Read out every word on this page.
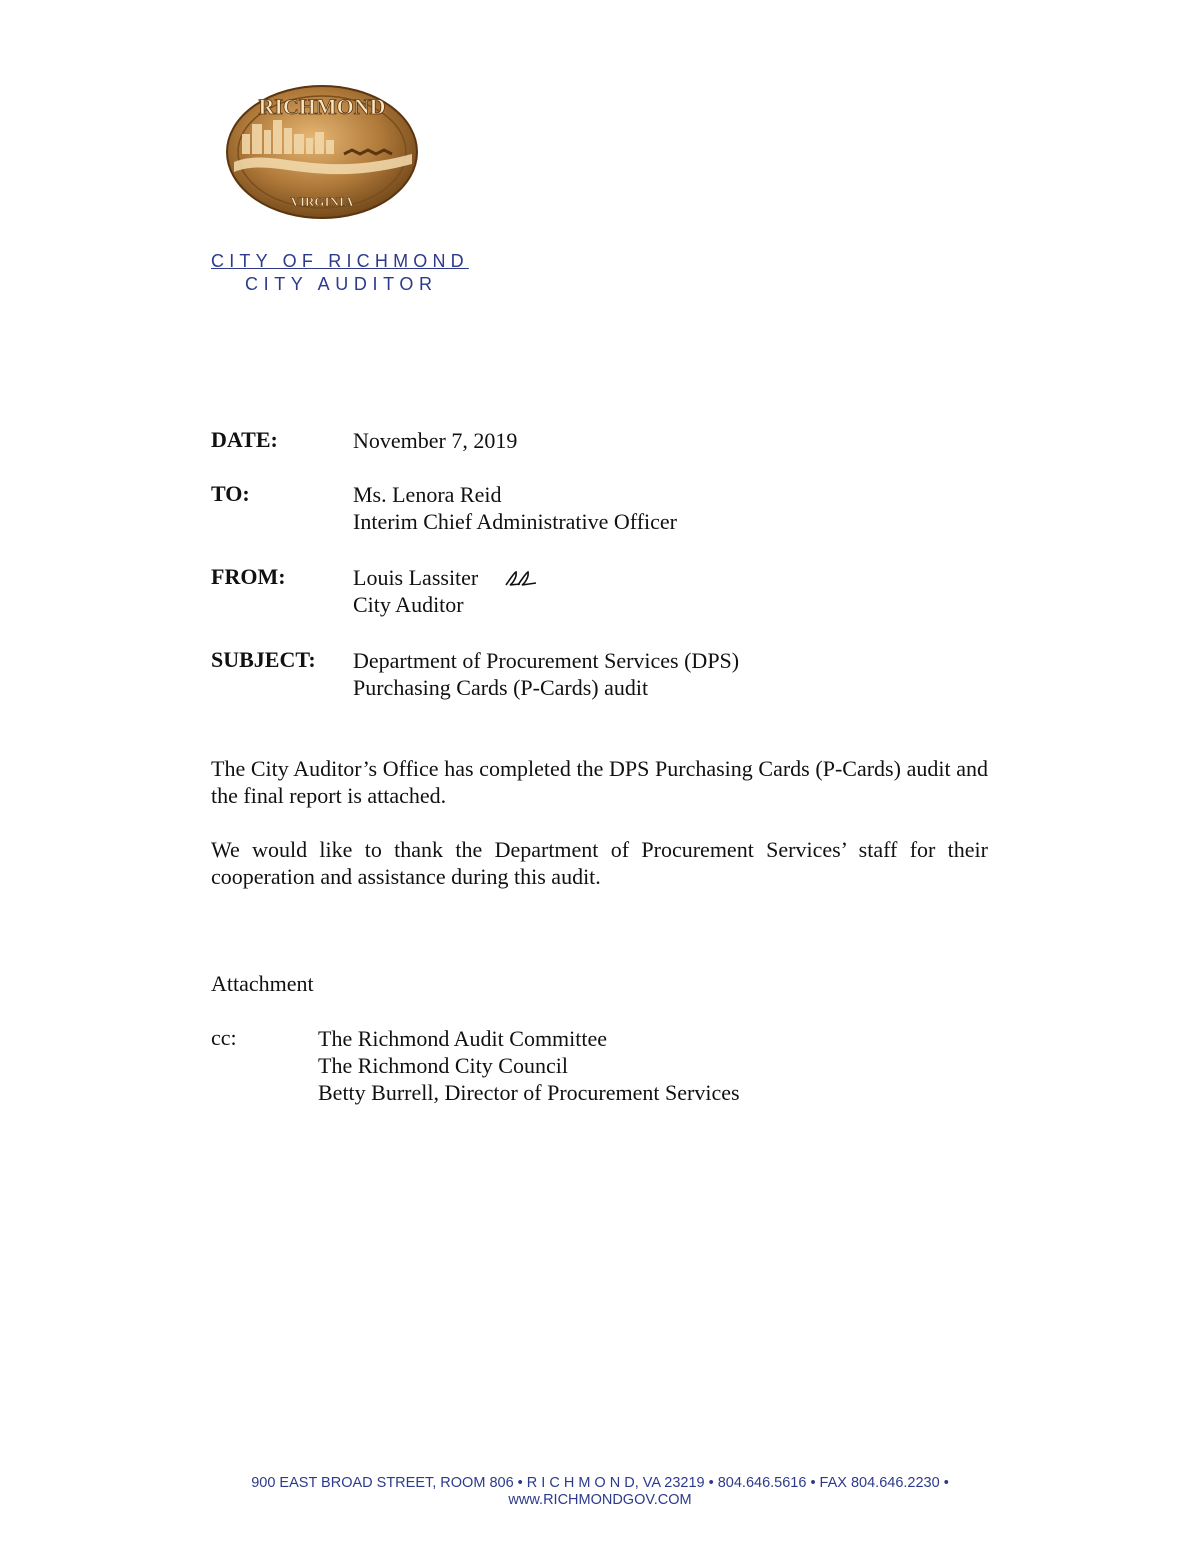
RICHMOND
VIRGINIA
CITY OF RICHMOND
CITY AUDITOR
DATE:	November 7, 2019
TO:	Ms. Lenora Reid
Interim Chief Administrative Officer
FROM:	Louis Lassiter
City Auditor
SUBJECT: Department of Procurement Services (DPS)
Purchasing Cards (P-Cards) audit
The City Auditor’s Office has completed the DPS Purchasing Cards (P-Cards) audit and the final report is attached.
We would like to thank the Department of Procurement Services’ staff for their cooperation and assistance during this audit.
Attachment
cc:	The Richmond Audit Committee
The Richmond City Council
Betty Burrell, Director of Procurement Services
900 EAST BROAD STREET, ROOM 806 • R I C H M O N D, VA 23219 • 804.646.5616 • FAX 804.646.2230 •
www.RICHMONDGOV.COM
